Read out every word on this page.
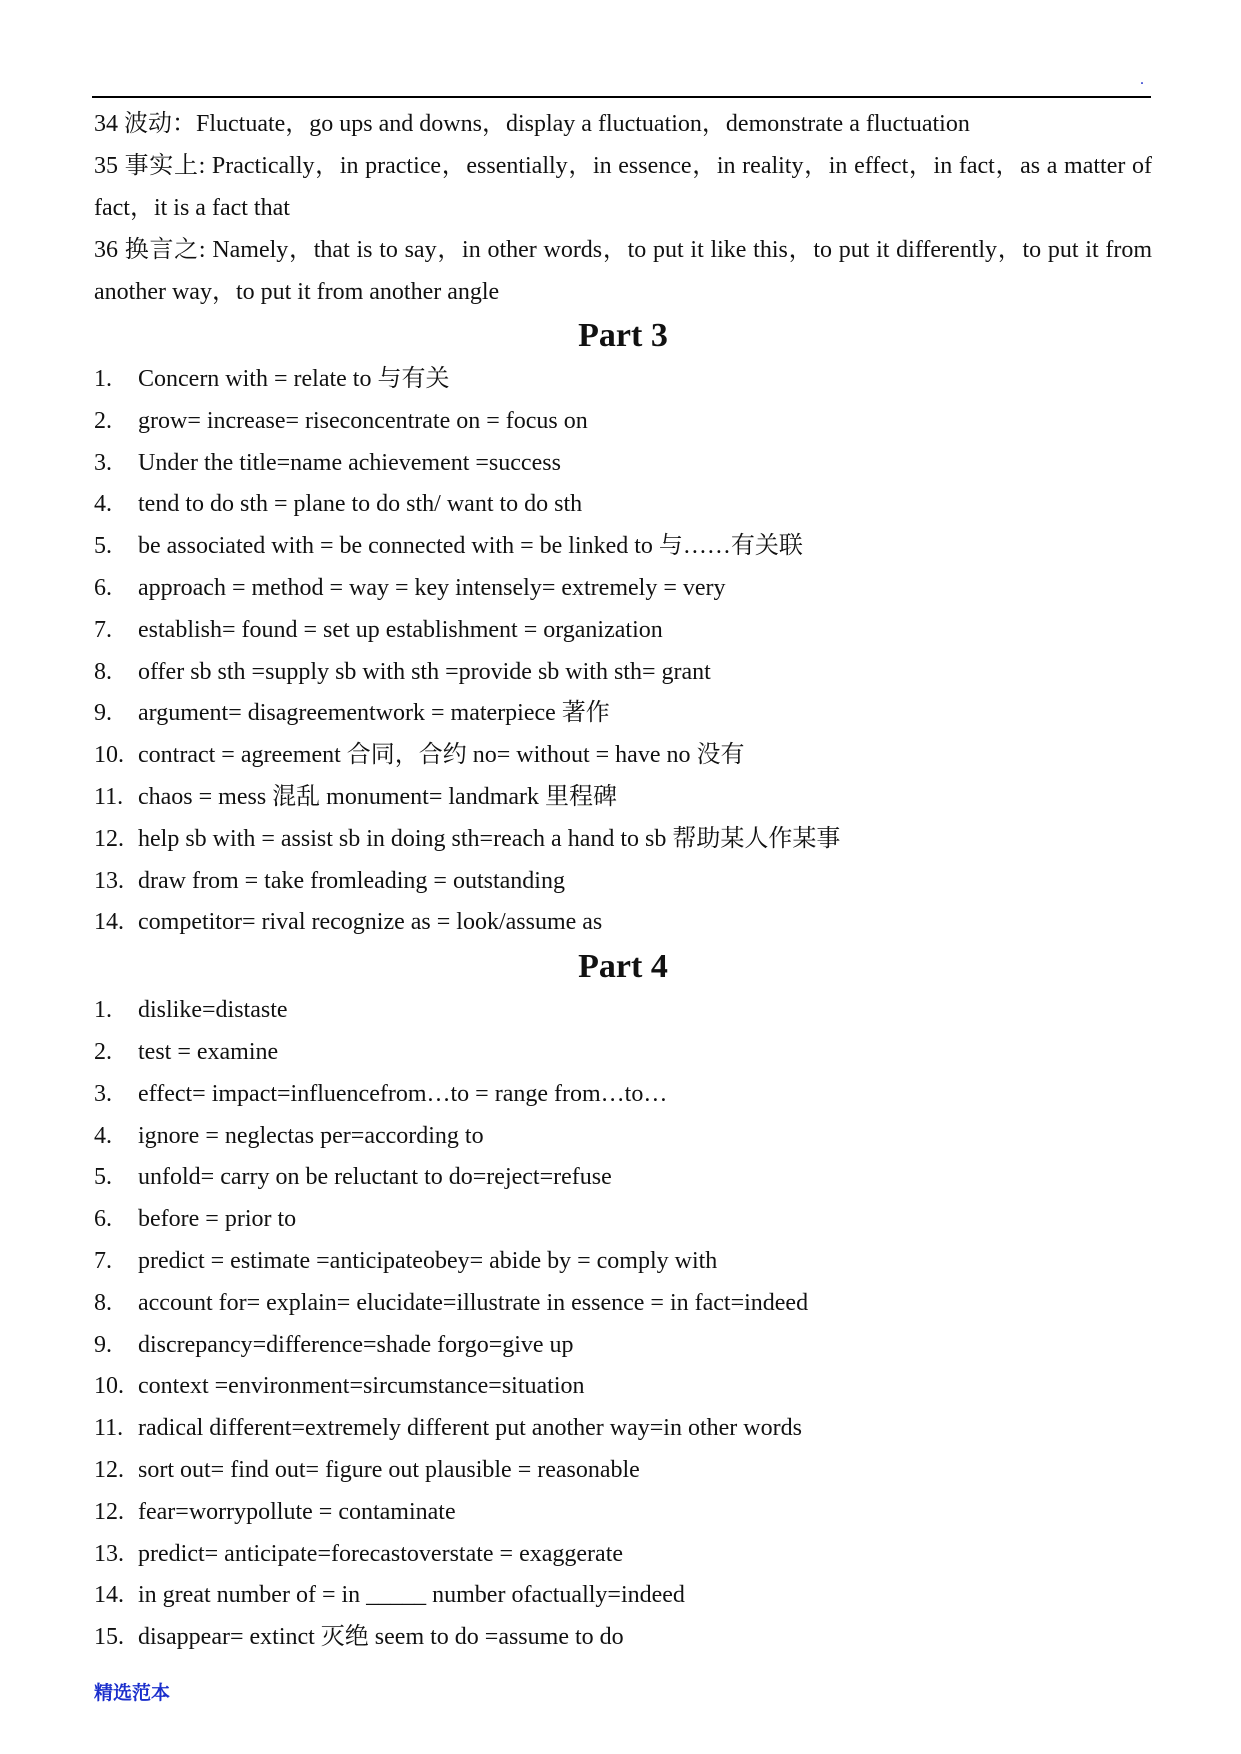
.

34 波动：Fluctuate，go ups and downs，display a fluctuation，demonstrate a fluctuation

35 事实上: Practically，in practice，essentially，in essence，in reality，in effect，in fact，as a matter of fact，it is a fact that

36 换言之: Namely，that is to say，in other words，to put it like this，to put it differently，to put it from another way，to put it from another angle

Part 3
1.	Concern with = relate to 与有关
2.	grow= increase= riseconcentrate on = focus on
3.	Under the title=name achievement =success
4.	tend to do sth = plane to do sth/ want to do sth
5.	be associated with = be connected with = be linked to 与……有关联
6.	approach = method = way = key intensely= extremely = very
7.	establish= found = set up establishment = organization
8.	offer sb sth =supply sb with sth =provide sb with sth= grant
9.	argument= disagreementwork = materpiece 著作
10. contract = agreement 合同，合约 no= without = have no 没有
11. chaos = mess 混乱 monument= landmark 里程碑
12. help sb with = assist sb in doing sth=reach a hand to sb 帮助某人作某事
13. draw from = take fromleading = outstanding
14. competitor= rival recognize as = look/assume as
Part 4
1.	dislike=distaste
2.	test = examine
3.	effect= impact=influencefrom…to = range from…to…
4.	ignore = neglectas per=according to
5.	unfold= carry on be reluctant to do=reject=refuse
6.	before = prior to
7.	predict = estimate =anticipateobey= abide by = comply with
8.	account for= explain= elucidate=illustrate in essence = in fact=indeed
9.	discrepancy=difference=shade forgo=give up
10. context =environment=sircumstance=situation
11. radical different=extremely different put another way=in other words
12. sort out= find out= figure out plausible = reasonable
12. fear=worrypollute = contaminate
13. predict= anticipate=forecastoverstate = exaggerate
14. in great number of = in _____ number ofactually=indeed
15. disappear= extinct 灭绝 seem to do =assume to do
精选范本
